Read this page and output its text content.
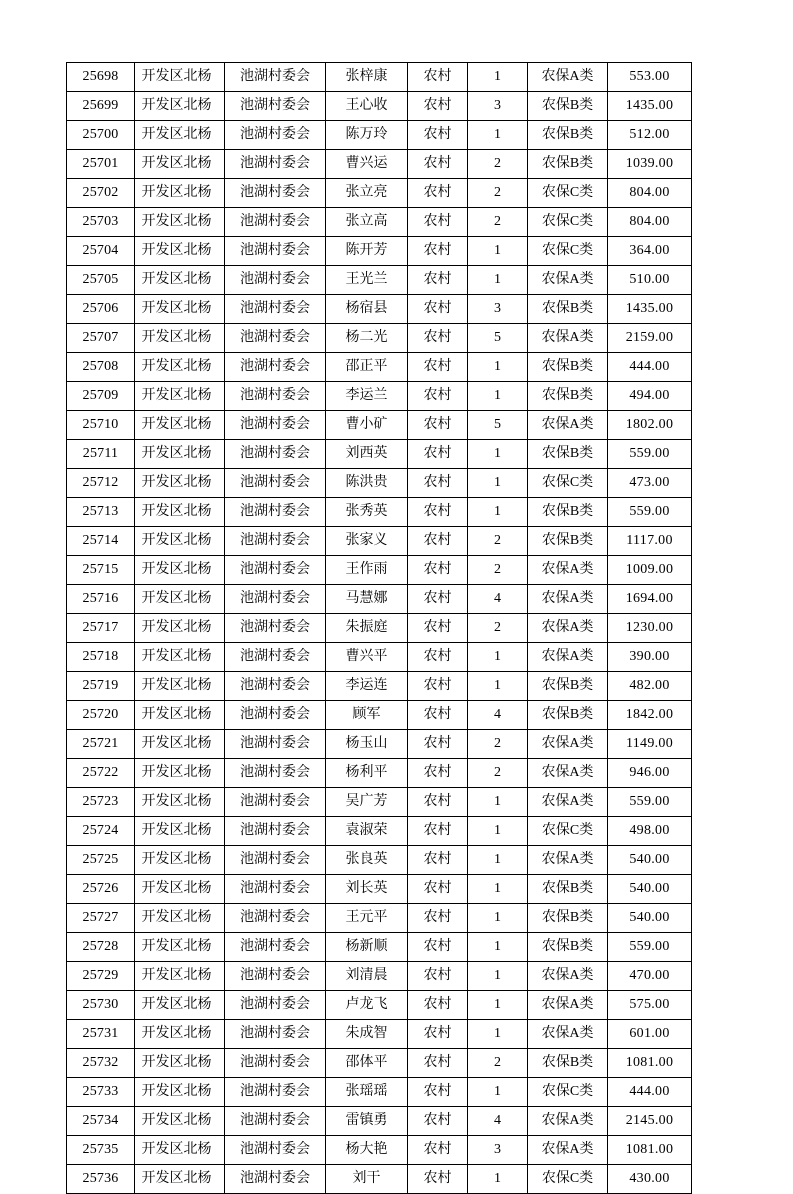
25698	开发区北杨	池湖村委会	张梓康	农村	1	农保A类	553.00
25699	开发区北杨	池湖村委会	王心收	农村	3	农保B类	1435.00
25700	开发区北杨	池湖村委会	陈万玲	农村	1	农保B类	512.00
25701	开发区北杨	池湖村委会	曹兴运	农村	2	农保B类	1039.00
25702	开发区北杨	池湖村委会	张立亮	农村	2	农保C类	804.00
25703	开发区北杨	池湖村委会	张立高	农村	2	农保C类	804.00
25704	开发区北杨	池湖村委会	陈开芳	农村	1	农保C类	364.00
25705	开发区北杨	池湖村委会	王光兰	农村	1	农保A类	510.00
25706	开发区北杨	池湖村委会	杨宿县	农村	3	农保B类	1435.00
25707	开发区北杨	池湖村委会	杨二光	农村	5	农保A类	2159.00
25708	开发区北杨	池湖村委会	邵正平	农村	1	农保B类	444.00
25709	开发区北杨	池湖村委会	李运兰	农村	1	农保B类	494.00
25710	开发区北杨	池湖村委会	曹小矿	农村	5	农保A类	1802.00
25711	开发区北杨	池湖村委会	刘西英	农村	1	农保B类	559.00
25712	开发区北杨	池湖村委会	陈洪贵	农村	1	农保C类	473.00
25713	开发区北杨	池湖村委会	张秀英	农村	1	农保B类	559.00
25714	开发区北杨	池湖村委会	张家义	农村	2	农保B类	1117.00
25715	开发区北杨	池湖村委会	王作雨	农村	2	农保A类	1009.00
25716	开发区北杨	池湖村委会	马慧娜	农村	4	农保A类	1694.00
25717	开发区北杨	池湖村委会	朱振庭	农村	2	农保A类	1230.00
25718	开发区北杨	池湖村委会	曹兴平	农村	1	农保A类	390.00
25719	开发区北杨	池湖村委会	李运连	农村	1	农保B类	482.00
25720	开发区北杨	池湖村委会	顾军	农村	4	农保B类	1842.00
25721	开发区北杨	池湖村委会	杨玉山	农村	2	农保A类	1149.00
25722	开发区北杨	池湖村委会	杨利平	农村	2	农保A类	946.00
25723	开发区北杨	池湖村委会	吴广芳	农村	1	农保A类	559.00
25724	开发区北杨	池湖村委会	袁淑荣	农村	1	农保C类	498.00
25725	开发区北杨	池湖村委会	张良英	农村	1	农保A类	540.00
25726	开发区北杨	池湖村委会	刘长英	农村	1	农保B类	540.00
25727	开发区北杨	池湖村委会	王元平	农村	1	农保B类	540.00
25728	开发区北杨	池湖村委会	杨新顺	农村	1	农保B类	559.00
25729	开发区北杨	池湖村委会	刘清晨	农村	1	农保A类	470.00
25730	开发区北杨	池湖村委会	卢龙飞	农村	1	农保A类	575.00
25731	开发区北杨	池湖村委会	朱成智	农村	1	农保A类	601.00
25732	开发区北杨	池湖村委会	邵体平	农村	2	农保B类	1081.00
25733	开发区北杨	池湖村委会	张瑶瑶	农村	1	农保C类	444.00
25734	开发区北杨	池湖村委会	雷镇勇	农村	4	农保A类	2145.00
25735	开发区北杨	池湖村委会	杨大艳	农村	3	农保A类	1081.00
25736	开发区北杨	池湖村委会	刘干	农村	1	农保C类	430.00
